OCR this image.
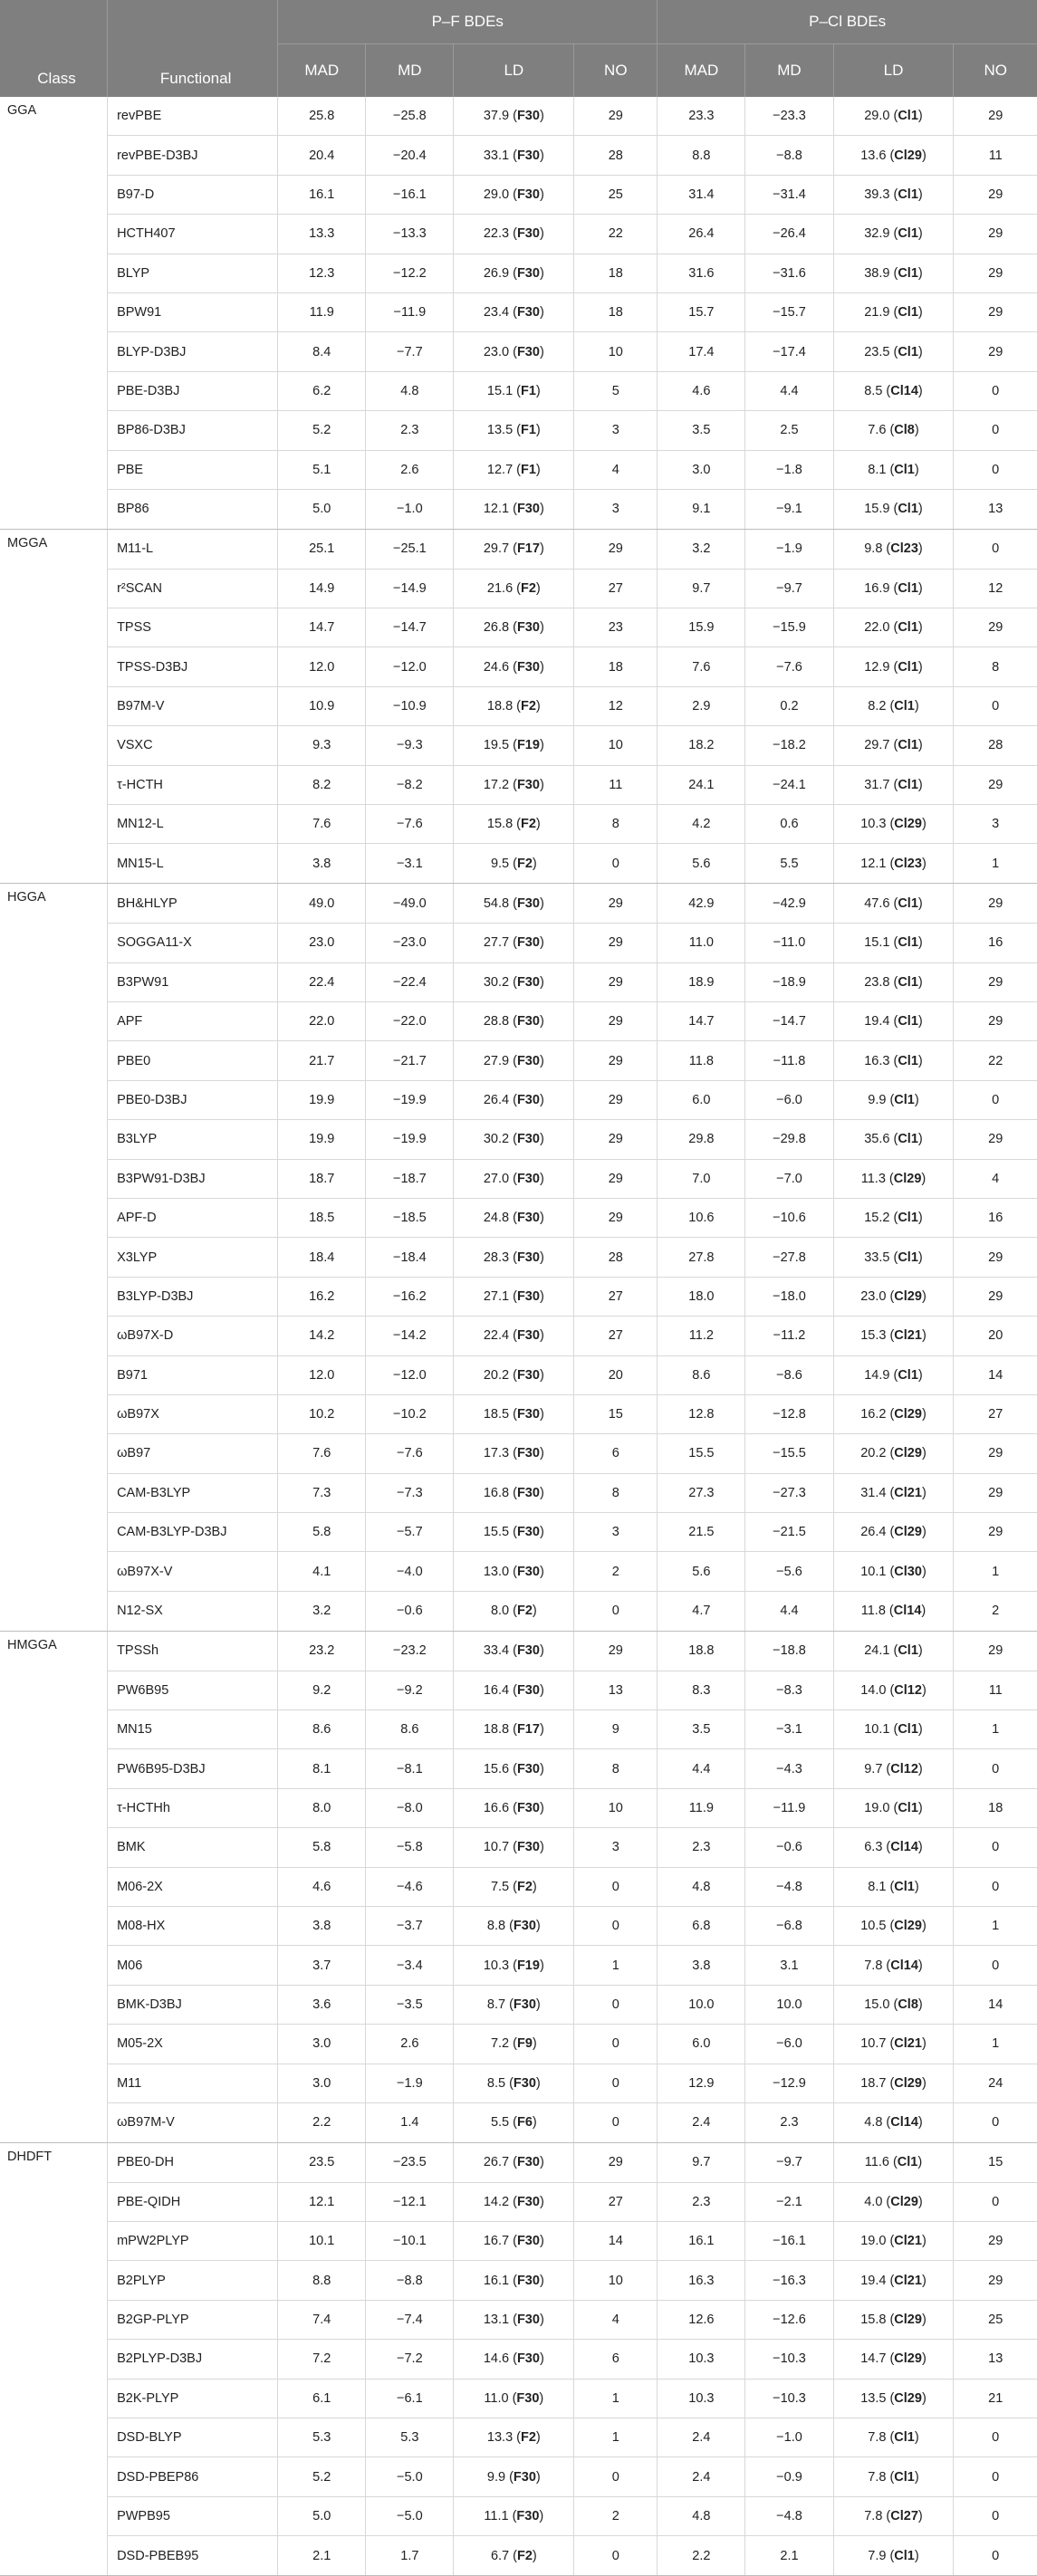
		P–F BDEs				P–Cl BDEs			
Class	Functional	MAD	MD	LD	NO	MAD	MD	LD	NO
GGA	revPBE	25.8	−25.8	37.9 (F30)	29	23.3	−23.3	29.0 (Cl1)	29
	revPBE-D3BJ	20.4	−20.4	33.1 (F30)	28	8.8	−8.8	13.6 (Cl29)	11
	B97-D	16.1	−16.1	29.0 (F30)	25	31.4	−31.4	39.3 (Cl1)	29
	HCTH407	13.3	−13.3	22.3 (F30)	22	26.4	−26.4	32.9 (Cl1)	29
	BLYP	12.3	−12.2	26.9 (F30)	18	31.6	−31.6	38.9 (Cl1)	29
	BPW91	11.9	−11.9	23.4 (F30)	18	15.7	−15.7	21.9 (Cl1)	29
	BLYP-D3BJ	8.4	−7.7	23.0 (F30)	10	17.4	−17.4	23.5 (Cl1)	29
	PBE-D3BJ	6.2	4.8	15.1 (F1)	5	4.6	4.4	8.5 (Cl14)	0
	BP86-D3BJ	5.2	2.3	13.5 (F1)	3	3.5	2.5	7.6 (Cl8)	0
	PBE	5.1	2.6	12.7 (F1)	4	3.0	−1.8	8.1 (Cl1)	0
	BP86	5.0	−1.0	12.1 (F30)	3	9.1	−9.1	15.9 (Cl1)	13
MGGA	M11-L	25.1	−25.1	29.7 (F17)	29	3.2	−1.9	9.8 (Cl23)	0
	r²SCAN	14.9	−14.9	21.6 (F2)	27	9.7	−9.7	16.9 (Cl1)	12
	TPSS	14.7	−14.7	26.8 (F30)	23	15.9	−15.9	22.0 (Cl1)	29
	TPSS-D3BJ	12.0	−12.0	24.6 (F30)	18	7.6	−7.6	12.9 (Cl1)	8
	B97M-V	10.9	−10.9	18.8 (F2)	12	2.9	0.2	8.2 (Cl1)	0
	VSXC	9.3	−9.3	19.5 (F19)	10	18.2	−18.2	29.7 (Cl1)	28
	τ-HCTH	8.2	−8.2	17.2 (F30)	11	24.1	−24.1	31.7 (Cl1)	29
	MN12-L	7.6	−7.6	15.8 (F2)	8	4.2	0.6	10.3 (Cl29)	3
	MN15-L	3.8	−3.1	9.5 (F2)	0	5.6	5.5	12.1 (Cl23)	1
HGGA	BH&HLYP	49.0	−49.0	54.8 (F30)	29	42.9	−42.9	47.6 (Cl1)	29
	SOGGA11-X	23.0	−23.0	27.7 (F30)	29	11.0	−11.0	15.1 (Cl1)	16
	B3PW91	22.4	−22.4	30.2 (F30)	29	18.9	−18.9	23.8 (Cl1)	29
	APF	22.0	−22.0	28.8 (F30)	29	14.7	−14.7	19.4 (Cl1)	29
	PBE0	21.7	−21.7	27.9 (F30)	29	11.8	−11.8	16.3 (Cl1)	22
	PBE0-D3BJ	19.9	−19.9	26.4 (F30)	29	6.0	−6.0	9.9 (Cl1)	0
	B3LYP	19.9	−19.9	30.2 (F30)	29	29.8	−29.8	35.6 (Cl1)	29
	B3PW91-D3BJ	18.7	−18.7	27.0 (F30)	29	7.0	−7.0	11.3 (Cl29)	4
	APF-D	18.5	−18.5	24.8 (F30)	29	10.6	−10.6	15.2 (Cl1)	16
	X3LYP	18.4	−18.4	28.3 (F30)	28	27.8	−27.8	33.5 (Cl1)	29
	B3LYP-D3BJ	16.2	−16.2	27.1 (F30)	27	18.0	−18.0	23.0 (Cl29)	29
	ωB97X-D	14.2	−14.2	22.4 (F30)	27	11.2	−11.2	15.3 (Cl21)	20
	B971	12.0	−12.0	20.2 (F30)	20	8.6	−8.6	14.9 (Cl1)	14
	ωB97X	10.2	−10.2	18.5 (F30)	15	12.8	−12.8	16.2 (Cl29)	27
	ωB97	7.6	−7.6	17.3 (F30)	6	15.5	−15.5	20.2 (Cl29)	29
	CAM-B3LYP	7.3	−7.3	16.8 (F30)	8	27.3	−27.3	31.4 (Cl21)	29
	CAM-B3LYP-D3BJ	5.8	−5.7	15.5 (F30)	3	21.5	−21.5	26.4 (Cl29)	29
	ωB97X-V	4.1	−4.0	13.0 (F30)	2	5.6	−5.6	10.1 (Cl30)	1
	N12-SX	3.2	−0.6	8.0 (F2)	0	4.7	4.4	11.8 (Cl14)	2
HMGGA	TPSSh	23.2	−23.2	33.4 (F30)	29	18.8	−18.8	24.1 (Cl1)	29
	PW6B95	9.2	−9.2	16.4 (F30)	13	8.3	−8.3	14.0 (Cl12)	11
	MN15	8.6	8.6	18.8 (F17)	9	3.5	−3.1	10.1 (Cl1)	1
	PW6B95-D3BJ	8.1	−8.1	15.6 (F30)	8	4.4	−4.3	9.7 (Cl12)	0
	τ-HCTHh	8.0	−8.0	16.6 (F30)	10	11.9	−11.9	19.0 (Cl1)	18
	BMK	5.8	−5.8	10.7 (F30)	3	2.3	−0.6	6.3 (Cl14)	0
	M06-2X	4.6	−4.6	7.5 (F2)	0	4.8	−4.8	8.1 (Cl1)	0
	M08-HX	3.8	−3.7	8.8 (F30)	0	6.8	−6.8	10.5 (Cl29)	1
	M06	3.7	−3.4	10.3 (F19)	1	3.8	3.1	7.8 (Cl14)	0
	BMK-D3BJ	3.6	−3.5	8.7 (F30)	0	10.0	10.0	15.0 (Cl8)	14
	M05-2X	3.0	2.6	7.2 (F9)	0	6.0	−6.0	10.7 (Cl21)	1
	M11	3.0	−1.9	8.5 (F30)	0	12.9	−12.9	18.7 (Cl29)	24
	ωB97M-V	2.2	1.4	5.5 (F6)	0	2.4	2.3	4.8 (Cl14)	0
DHDFT	PBE0-DH	23.5	−23.5	26.7 (F30)	29	9.7	−9.7	11.6 (Cl1)	15
	PBE-QIDH	12.1	−12.1	14.2 (F30)	27	2.3	−2.1	4.0 (Cl29)	0
	mPW2PLYP	10.1	−10.1	16.7 (F30)	14	16.1	−16.1	19.0 (Cl21)	29
	B2PLYP	8.8	−8.8	16.1 (F30)	10	16.3	−16.3	19.4 (Cl21)	29
	B2GP-PLYP	7.4	−7.4	13.1 (F30)	4	12.6	−12.6	15.8 (Cl29)	25
	B2PLYP-D3BJ	7.2	−7.2	14.6 (F30)	6	10.3	−10.3	14.7 (Cl29)	13
	B2K-PLYP	6.1	−6.1	11.0 (F30)	1	10.3	−10.3	13.5 (Cl29)	21
	DSD-BLYP	5.3	5.3	13.3 (F2)	1	2.4	−1.0	7.8 (Cl1)	0
	DSD-PBEP86	5.2	−5.0	9.9 (F30)	0	2.4	−0.9	7.8 (Cl1)	0
	PWPB95	5.0	−5.0	11.1 (F30)	2	4.8	−4.8	7.8 (Cl27)	0
	DSD-PBEB95	2.1	1.7	6.7 (F2)	0	2.2	2.1	7.9 (Cl1)	0
